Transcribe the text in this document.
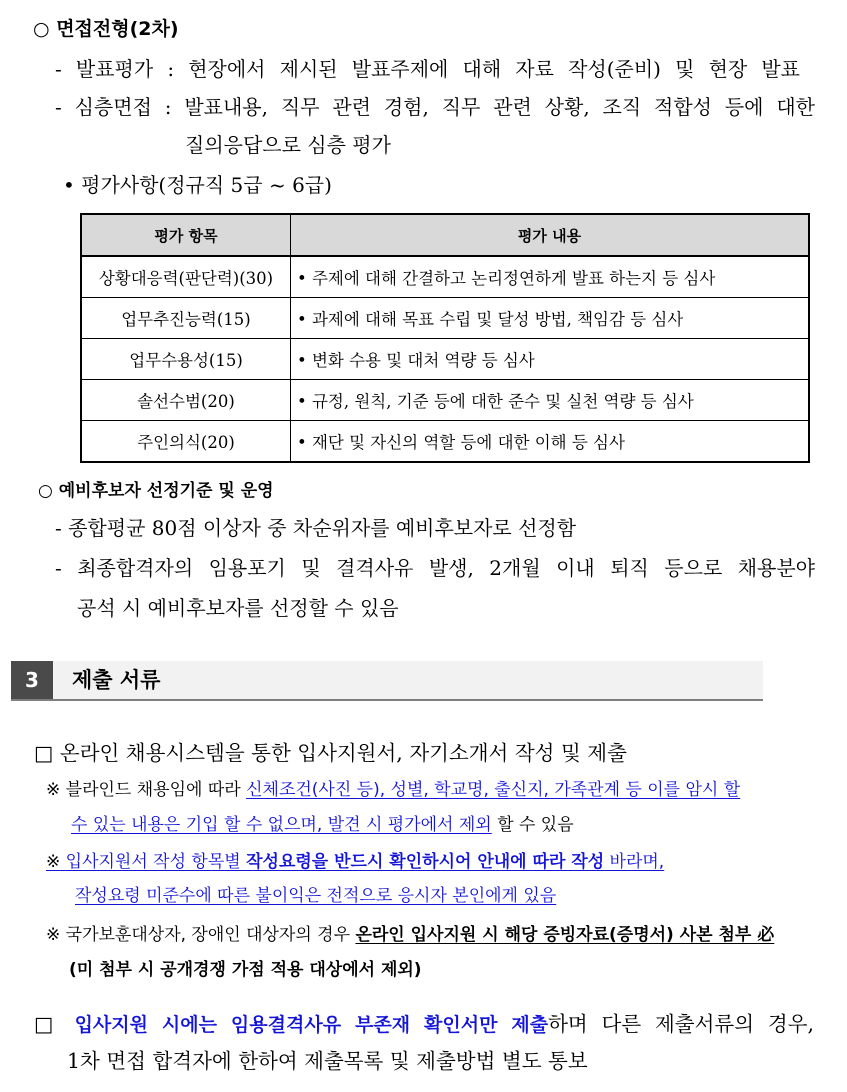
○ 면접전형(2차)
- 발표평가 : 현장에서 제시된 발표주제에 대해 자료 작성(준비) 및 현장 발표
- 심층면접 : 발표내용, 직무 관련 경험, 직무 관련 상황, 조직 적합성 등에 대한
질의응답으로 심층 평가
• 평가사항(정규직 5급 ~ 6급)
평가 항목	평가 내용
상황대응력(판단력)(30)	• 주제에 대해 간결하고 논리정연하게 발표 하는지 등 심사
업무추진능력(15)	• 과제에 대해 목표 수립 및 달성 방법, 책임감 등 심사
업무수용성(15)	• 변화 수용 및 대처 역량 등 심사
솔선수범(20)	• 규정, 원칙, 기준 등에 대한 준수 및 실천 역량 등 심사
주인의식(20)	• 재단 및 자신의 역할 등에 대한 이해 등 심사
○ 예비후보자 선정기준 및 운영
- 종합평균 80점 이상자 중 차순위자를 예비후보자로 선정함
- 최종합격자의 임용포기 및 결격사유 발생, 2개월 이내 퇴직 등으로 채용분야
공석 시 예비후보자를 선정할 수 있음
3	제출 서류
□ 온라인 채용시스템을 통한 입사지원서, 자기소개서 작성 및 제출
※ 블라인드 채용임에 따라 신체조건(사진 등), 성별, 학교명, 출신지, 가족관계 등 이를 암시 할
수 있는 내용은 기입 할 수 없으며, 발견 시 평가에서 제외 할 수 있음
※ 입사지원서 작성 항목별 작성요령을 반드시 확인하시어 안내에 따라 작성 바라며,
작성요령 미준수에 따른 불이익은 전적으로 응시자 본인에게 있음
※ 국가보훈대상자, 장애인 대상자의 경우 온라인 입사지원 시 해당 증빙자료(증명서) 사본 첨부 必
(미 첨부 시 공개경쟁 가점 적용 대상에서 제외)
□ 입사지원 시에는 임용결격사유 부존재 확인서만 제출하며 다른 제출서류의 경우,
1차 면접 합격자에 한하여 제출목록 및 제출방법 별도 통보
